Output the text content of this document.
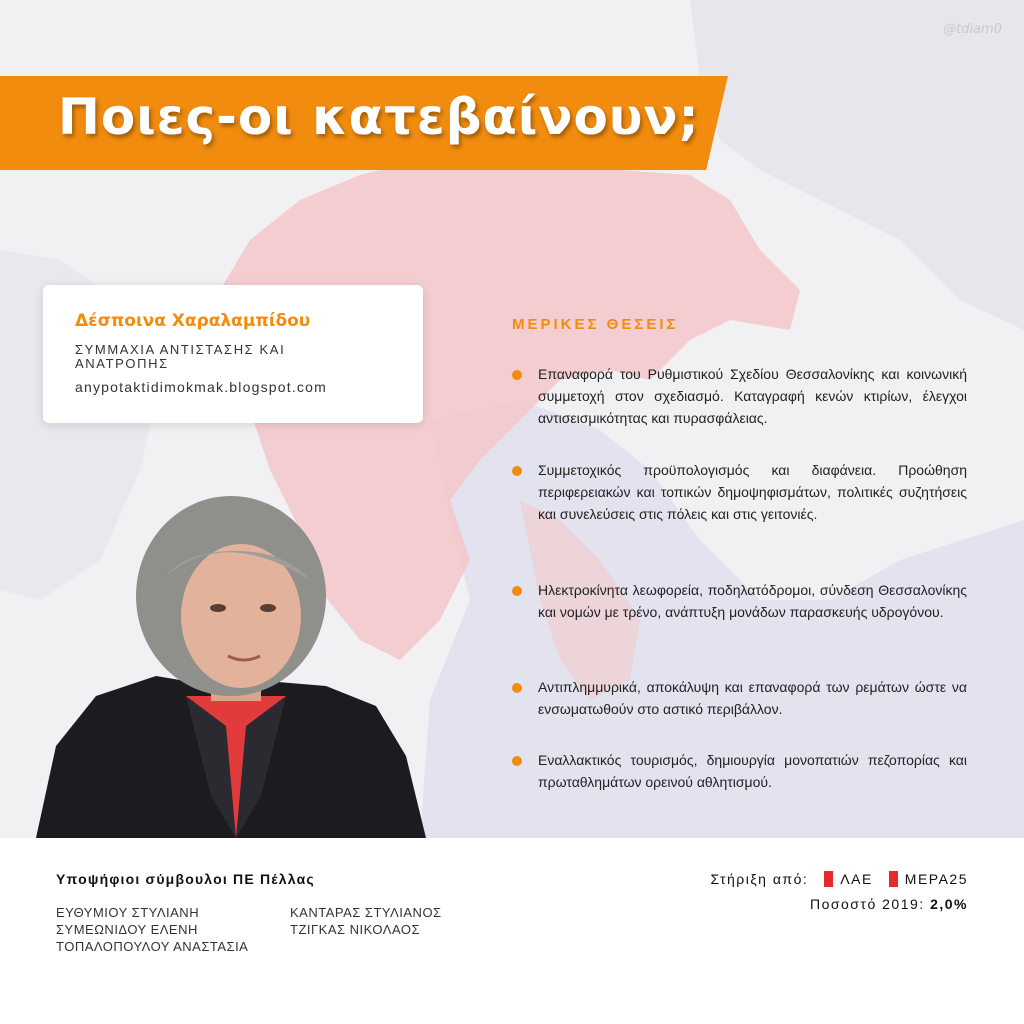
@tdiam0
Ποιες-οι κατεβαίνουν;
Δέσποινα Χαραλαμπίδου
ΣΥΜΜΑΧΙΑ ΑΝΤΙΣΤΑΣΗΣ ΚΑΙ ΑΝΑΤΡΟΠΗΣ
anypotaktidimokmak.blogspot.com
ΜΕΡΙΚΕΣ ΘΕΣΕΙΣ
Επαναφορά του Ρυθμιστικού Σχεδίου Θεσσαλονίκης και κοινωνική συμμετοχή στον σχεδιασμό. Καταγραφή κενών κτιρίων, έλεγχοι αντισεισμικότητας και πυρασφάλειας.
Συμμετοχικός προϋπολογισμός και διαφάνεια. Προώθηση περιφερειακών και τοπικών δημοψηφισμάτων, πολιτικές συζητήσεις και συνελεύσεις στις πόλεις και στις γειτονιές.
Ηλεκτροκίνητα λεωφορεία, ποδηλατόδρομοι, σύνδεση Θεσσαλονίκης και νομών με τρένο, ανάπτυξη μονάδων παρασκευής υδρογόνου.
Αντιπλημμυρικά, αποκάλυψη και επαναφορά των ρεμάτων ώστε να ενσωματωθούν στο αστικό περιβάλλον.
Εναλλακτικός τουρισμός, δημιουργία μονοπατιών πεζοπορίας και πρωταθλημάτων ορεινού αθλητισμού.
Υποψήφιοι σύμβουλοι ΠΕ Πέλλας
ΕΥΘΥΜΙΟΥ ΣΤΥΛΙΑΝΗ
ΣΥΜΕΩΝΙΔΟΥ ΕΛΕΝΗ
ΤΟΠΑΛΟΠΟΥΛΟΥ ΑΝΑΣΤΑΣΙΑ
ΚΑΝΤΑΡΑΣ ΣΤΥΛΙΑΝΟΣ
ΤΖΙΓΚΑΣ ΝΙΚΟΛΑΟΣ
Στήριξη από: ΛΑΕ ΜΕΡΑ25
Ποσοστό 2019: 2,0%
